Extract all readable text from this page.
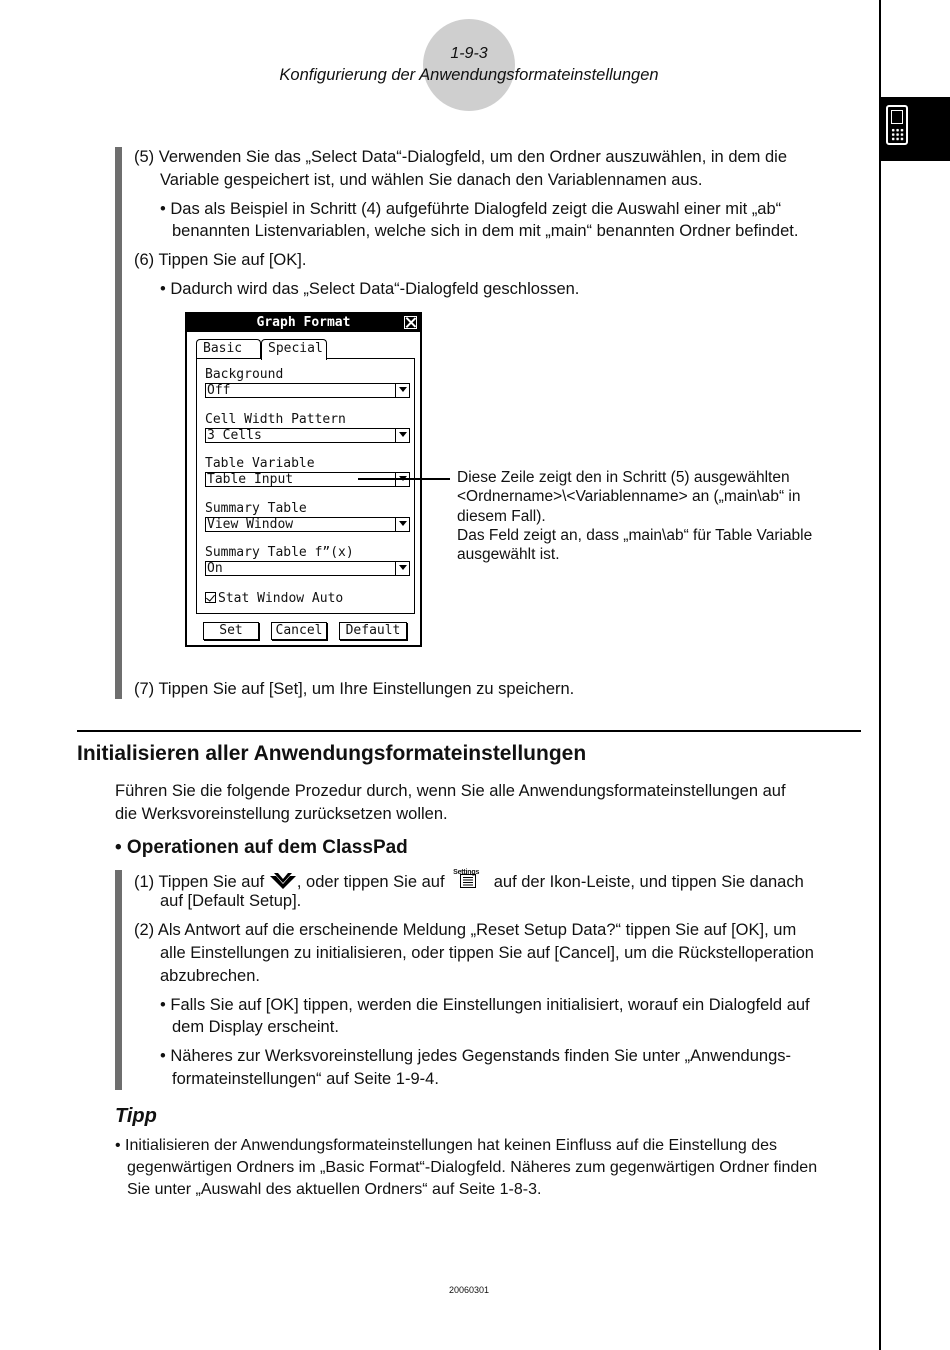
1-9-3
Konfigurierung der Anwendungsformateinstellungen
(5) Verwenden Sie das „Select Data“-Dialogfeld, um den Ordner auszuwählen, in dem die
Variable gespeichert ist, und wählen Sie danach den Variablennamen aus.
• Das als Beispiel in Schritt (4) aufgeführte Dialogfeld zeigt die Auswahl einer mit „ab“
benannten Listenvariablen, welche sich in dem mit „main“ benannten Ordner befindet.
(6) Tippen Sie auf [OK].
• Dadurch wird das „Select Data“-Dialogfeld geschlossen.
Graph Format
Basic	Special
Background
Off
Cell Width Pattern
3 Cells
Table Variable
Table Input
Summary Table
View Window
Summary Table f”(x)
On
Stat Window Auto
Set	Cancel	Default
Diese Zeile zeigt den in Schritt (5) ausgewählten
<Ordnername>\<Variablenname> an („main\ab“ in
diesem Fall).
Das Feld zeigt an, dass „main\ab“ für Table Variable
ausgewählt ist.
(7) Tippen Sie auf [Set], um Ihre Einstellungen zu speichern.
Initialisieren aller Anwendungsformateinstellungen
Führen Sie die folgende Prozedur durch, wenn Sie alle Anwendungsformateinstellungen auf
die Werksvoreinstellung zurücksetzen wollen.
• Operationen auf dem ClassPad
(1) Tippen Sie auf , oder tippen Sie auf
Settings
auf der Ikon-Leiste, und tippen Sie danach
auf [Default Setup].
(2) Als Antwort auf die erscheinende Meldung „Reset Setup Data?“ tippen Sie auf [OK], um
alle Einstellungen zu initialisieren, oder tippen Sie auf [Cancel], um die Rückstelloperation
abzubrechen.
• Falls Sie auf [OK] tippen, werden die Einstellungen initialisiert, worauf ein Dialogfeld auf
dem Display erscheint.
• Näheres zur Werksvoreinstellung jedes Gegenstands finden Sie unter „Anwendungs-
formateinstellungen“ auf Seite 1-9-4.
Tipp
• Initialisieren der Anwendungsformateinstellungen hat keinen Einfluss auf die Einstellung des
gegenwärtigen Ordners im „Basic Format“-Dialogfeld. Näheres zum gegenwärtigen Ordner finden
Sie unter „Auswahl des aktuellen Ordners“ auf Seite 1-8-3.
20060301
